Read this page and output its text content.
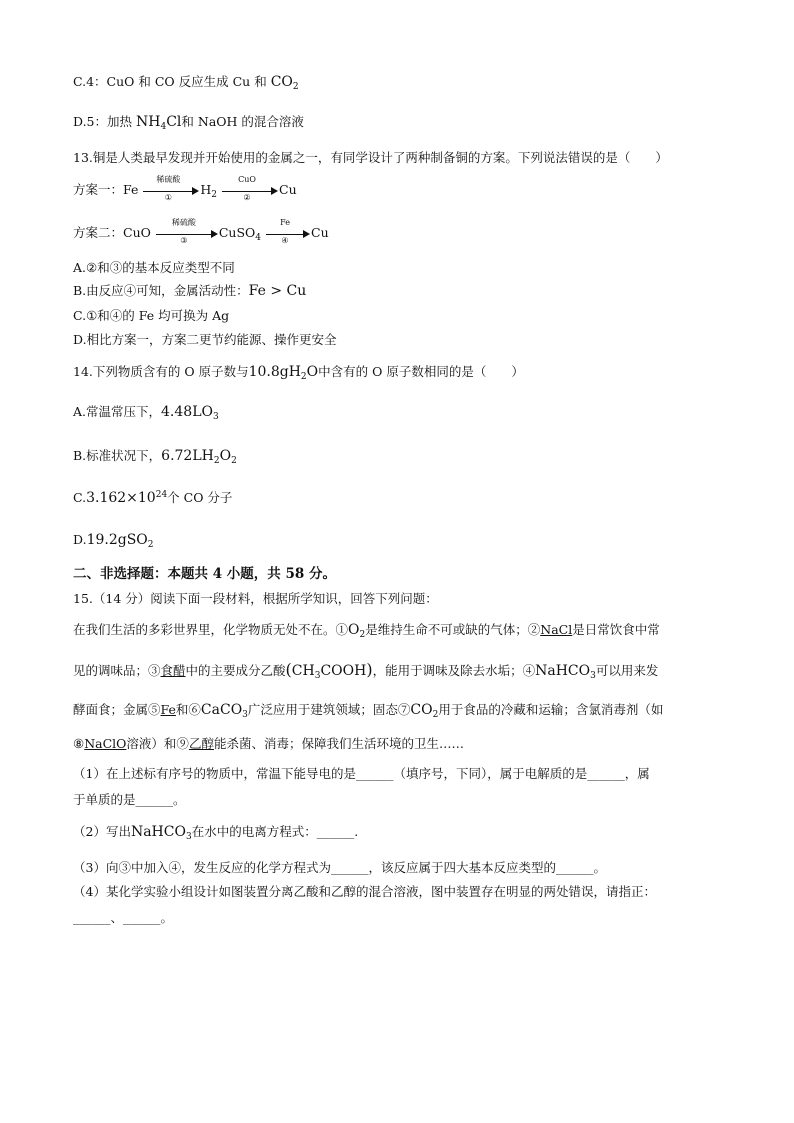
C.4：CuO 和 CO 反应生成 Cu 和 $CO_2$
D.5：加热 $NH_4Cl$和 NaOH 的混合溶液
13.铜是人类最早发现并开始使用的金属之一，有同学设计了两种制备铜的方案。下列说法错误的是（　　）
方案一：Fe
稀硫酸
①	$H_2$
CuO
②	Cu
方案二：CuO
稀硫酸
③	CuSO$_4$
Fe
④	Cu
A.②和③的基本反应类型不同
B.由反应④可知，金属活动性：Fe > Cu
C.①和④的 Fe 均可换为 Ag
D.相比方案一，方案二更节约能源、操作更安全
14.下列物质含有的 O 原子数与$10.8gH_2O$中含有的 O 原子数相同的是（　　）
A.常温常压下，$4.48LO_3$
B.标准状况下，$6.72LH_2O_2$
$C.3.162\times 10^{24}$个 CO 分子
D.19.2gSO$_2$
二、非选择题：本题共 4 小题，共 58 分。
15.（14 分）阅读下面一段材料，根据所学知识，回答下列问题：
在我们生活的多彩世界里，化学物质无处不在。$①O_2$是维持生命不可或缺的气体；②NaCl是日常饮食中常
见的调味品；③食醋中的主要成分乙酸$(CH_3COOH)$，能用于调味及除去水垢；④NaHCO$_3$可以用来发
酵面食；金属⑤Fe和⑥CaCO$_3$广泛应用于建筑领域；固态$⑦CO_2$用于食品的冷藏和运输；含氯消毒剂（如
⑧NaClO溶液）和⑨乙醇能杀菌、消毒；保障我们生活环境的卫生……
（1）在上述标有序号的物质中，常温下能导电的是______（填序号，下同），属于电解质的是______，属
于单质的是______。
（2）写出NaHCO$_3$在水中的电离方程式：______.
（3）向③中加入④，发生反应的化学方程式为______，该反应属于四大基本反应类型的______。
（4）某化学实验小组设计如图装置分离乙酸和乙醇的混合溶液，图中装置存在明显的两处错误，请指正：
______、______。
